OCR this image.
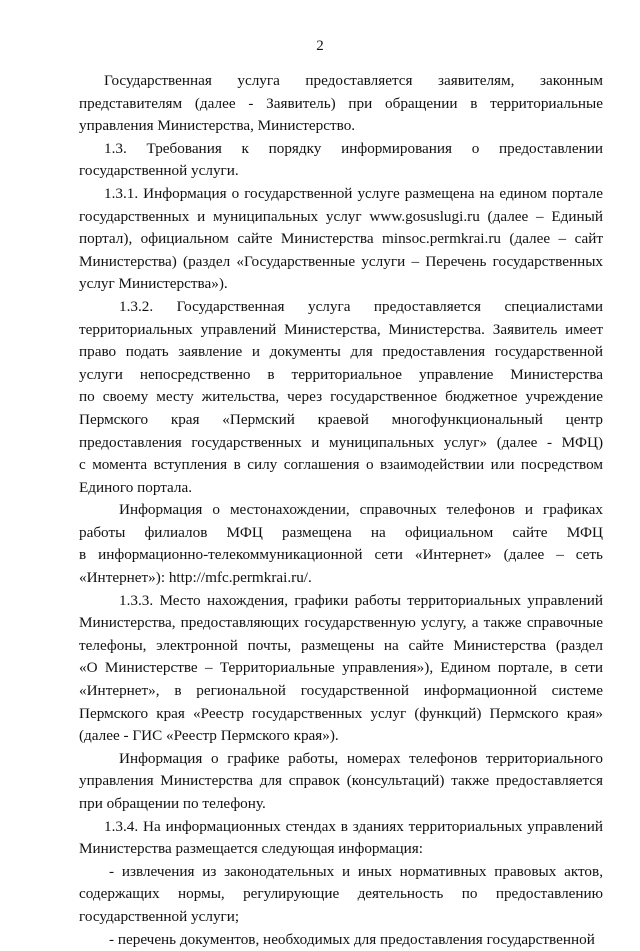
2
Государственная услуга предоставляется заявителям, законным
представителям (далее - Заявитель) при обращении в территориальные
управления Министерства, Министерство.
1.3. Требования к порядку информирования о предоставлении
государственной услуги.
1.3.1. Информация о государственной услуге размещена на едином портале
государственных и муниципальных услуг www.gosuslugi.ru (далее – Единый
портал), официальном сайте Министерства minsoc.permkrai.ru (далее – сайт
Министерства) (раздел «Государственные услуги – Перечень государственных
услуг Министерства»).
1.3.2. Государственная услуга предоставляется специалистами
территориальных управлений Министерства, Министерства. Заявитель имеет
право подать заявление и документы для предоставления государственной
услуги непосредственно в территориальное управление Министерства
по своему месту жительства, через государственное бюджетное учреждение
Пермского края «Пермский краевой многофункциональный центр
предоставления государственных и муниципальных услуг» (далее - МФЦ)
с момента вступления в силу соглашения о взаимодействии или посредством
Единого портала.
Информация о местонахождении, справочных телефонов и графиках
работы филиалов МФЦ размещена на официальном сайте МФЦ
в информационно-телекоммуникационной сети «Интернет» (далее – сеть
«Интернет»): http://mfc.permkrai.ru/.
1.3.3. Место нахождения, графики работы территориальных управлений
Министерства, предоставляющих государственную услугу, а также справочные
телефоны, электронной почты, размещены на сайте Министерства (раздел
«О Министерстве – Территориальные управления»), Едином портале, в сети
«Интернет», в региональной государственной информационной системе
Пермского края «Реестр государственных услуг (функций) Пермского края»
(далее - ГИС «Реестр Пермского края»).
Информация о графике работы, номерах телефонов территориального
управления Министерства для справок (консультаций) также предоставляется
при обращении по телефону.
1.3.4. На информационных стендах в зданиях территориальных управлений
Министерства размещается следующая информация:
- извлечения из законодательных и иных нормативных правовых актов,
содержащих нормы, регулирующие деятельность по предоставлению
государственной услуги;
- перечень документов, необходимых для предоставления государственной
